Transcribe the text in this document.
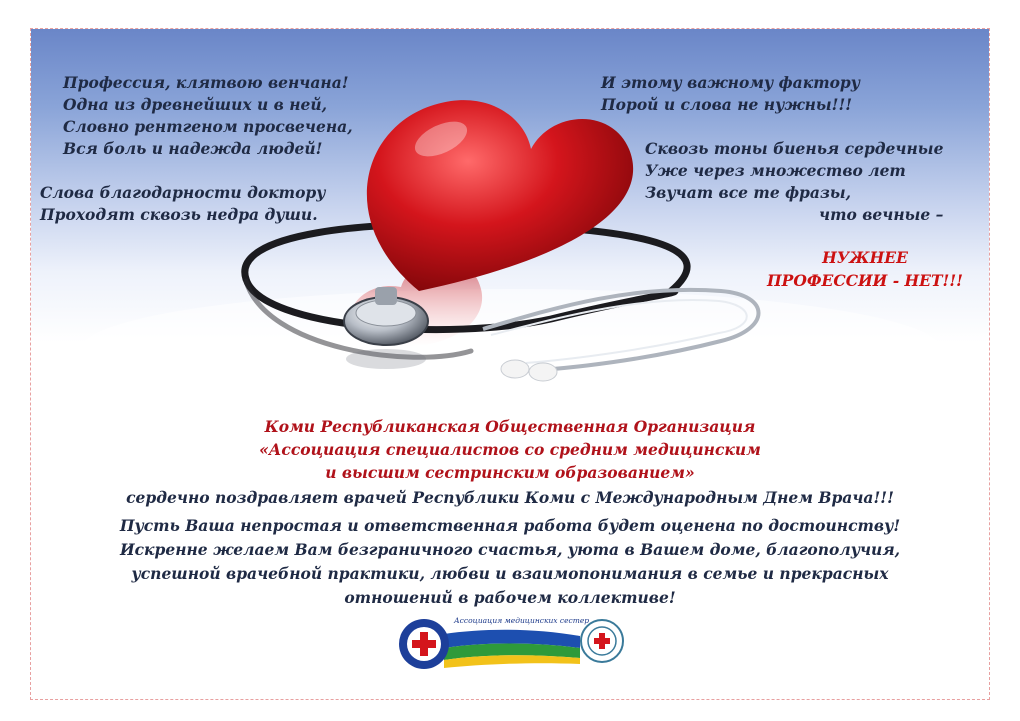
Профессия, клятвою венчана!
Одна из древнейших и в ней,
Словно рентгеном просвечена,
Вся боль и надежда людей!
Слова благодарности доктору
Проходят сквозь недра души.
И этому важному фактору
Порой и слова не нужны!!!
Сквозь тоны биенья сердечные
Уже через множество лет
Звучат все те фразы,
что вечные –
НУЖНЕЕ
ПРОФЕССИИ - НЕТ!!!
Коми Республиканская Общественная Организация
«Ассоциация специалистов со средним медицинским
и высшим сестринским образованием»
сердечно поздравляет врачей Республики Коми с Международным Днем Врача!!!
Пусть Ваша непростая и ответственная работа будет оценена по достоинству!
Искренне желаем Вам безграничного счастья, уюта в Вашем доме, благополучия,
успешной врачебной практики, любви и взаимопонимания в семье и прекрасных
отношений в рабочем коллективе!
Ассоциация медицинских сестер
